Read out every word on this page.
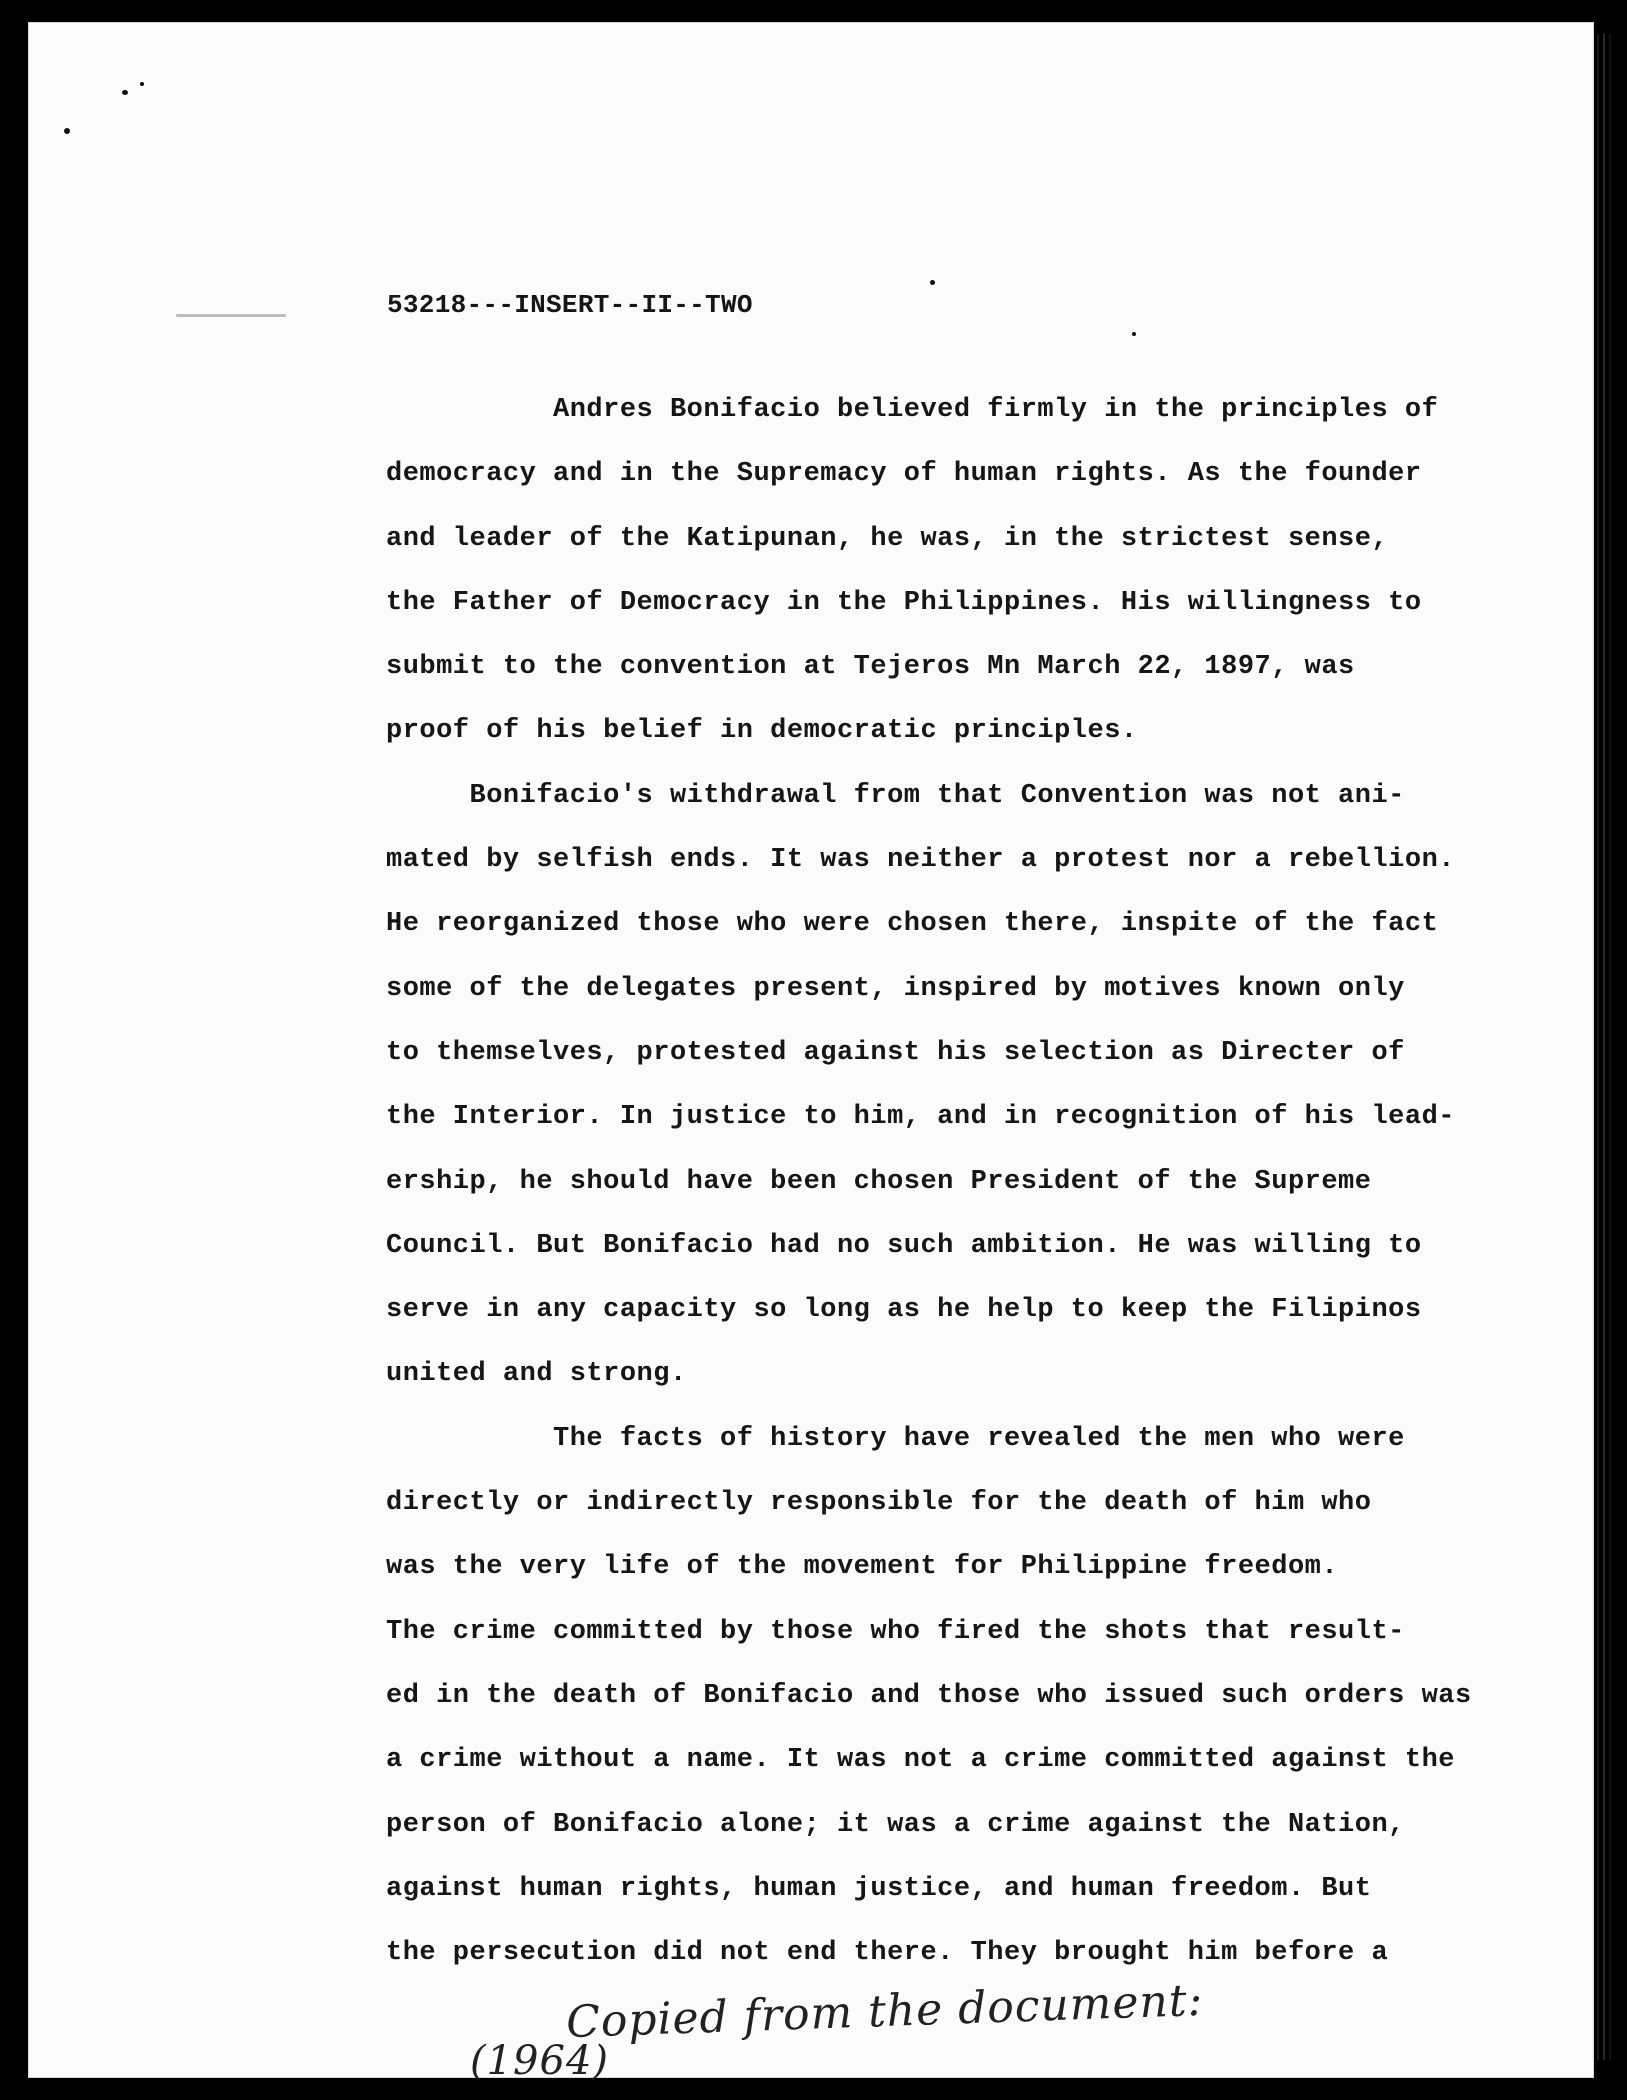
53218---INSERT--II--TWO
Andres Bonifacio believed firmly in the principles of
democracy and in the Supremacy of human rights. As the founder
and leader of the Katipunan, he was, in the strictest sense,
the Father of Democracy in the Philippines. His willingness to
submit to the convention at Tejeros Mn March 22, 1897, was
proof of his belief in democratic principles.
Bonifacio's withdrawal from that Convention was not ani-
mated by selfish ends. It was neither a protest nor a rebellion.
He reorganized those who were chosen there, inspite of the fact
some of the delegates present, inspired by motives known only
to themselves, protested against his selection as Directer of
the Interior. In justice to him, and in recognition of his lead-
ership, he should have been chosen President of the Supreme
Council. But Bonifacio had no such ambition. He was willing to
serve in any capacity so long as he help to keep the Filipinos
united and strong.
The facts of history have revealed the men who were
directly or indirectly responsible for the death of him who
was the very life of the movement for Philippine freedom.
The crime committed by those who fired the shots that result-
ed in the death of Bonifacio and those who issued such orders was
a crime without a name. It was not a crime committed against the
person of Bonifacio alone; it was a crime against the Nation,
against human rights, human justice, and human freedom. But
the persecution did not end there. They brought him before a
Copied from the document:
(1964)
